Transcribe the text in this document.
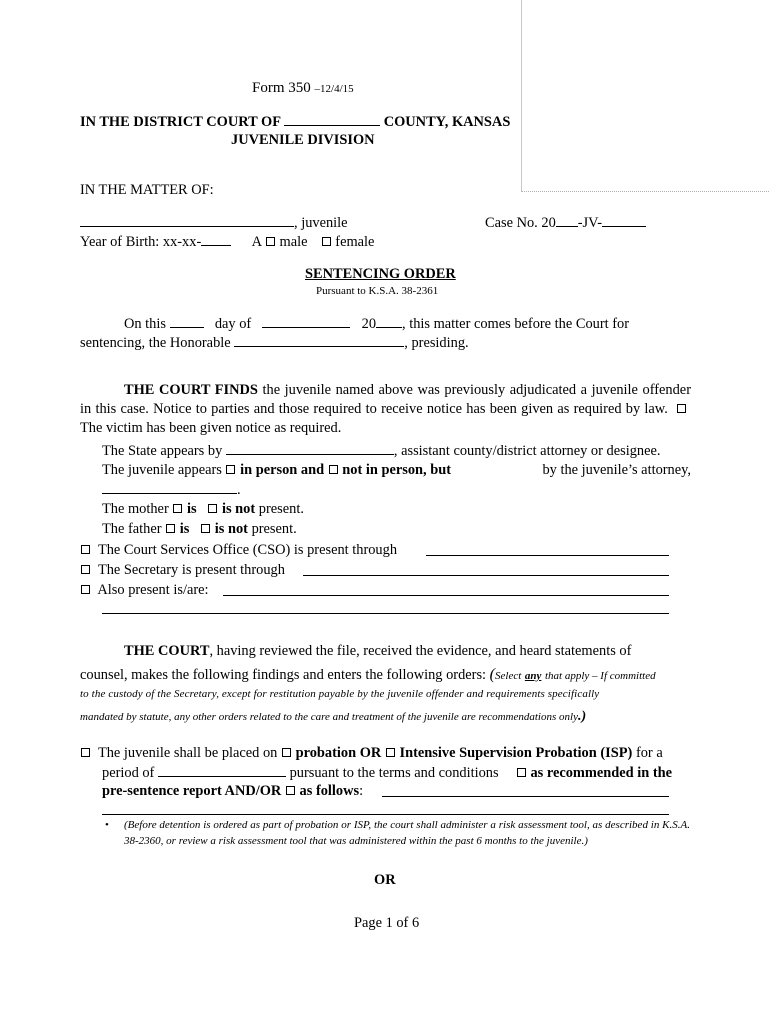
Form 350 –12/4/15
IN THE DISTRICT COURT OF	COUNTY, KANSAS
JUVENILE DIVISION
IN THE MATTER OF:
, juvenile	Case No. 20 -JV-
Year of Birth: xx-xx-	A male female
SENTENCING ORDER
Pursuant to K.S.A. 38-2361
On this	day of	20 , this matter comes before the Court for
sentencing, the Honorable	, presiding.
THE COURT FINDS the juvenile named above was previously adjudicated a juvenile offender in this case. Notice to parties and those required to receive notice has been given as required by law.    The victim has been given notice as required.
The State appears by	, assistant county/district attorney or designee.
The juvenile appears in person and not in person, but	by the juvenile’s attorney,
.
The mother is is not present.
The father is is not present.
The Court Services Office (CSO) is present through
The Secretary is present through
Also present is/are:
THE COURT, having reviewed the file, received the evidence, and heard statements of
counsel, makes the following findings and enters the following orders: (Select any that apply – If committed
to the custody of the Secretary, except for restitution payable by the juvenile offender and requirements specifically
mandated by statute, any other orders related to the care and treatment of the juvenile are recommendations only.)
The juvenile shall be placed on probation OR Intensive Supervision Probation (ISP) for a
period of	pursuant to the terms and conditions as recommended in the
pre-sentence report AND/OR as follows:
• (Before detention is ordered as part of probation or ISP, the court shall administer a risk assessment tool, as described in K.S.A. 38-2360, or review a risk assessment tool that was administered within the past 6 months to the juvenile.)
OR
Page 1 of 6
